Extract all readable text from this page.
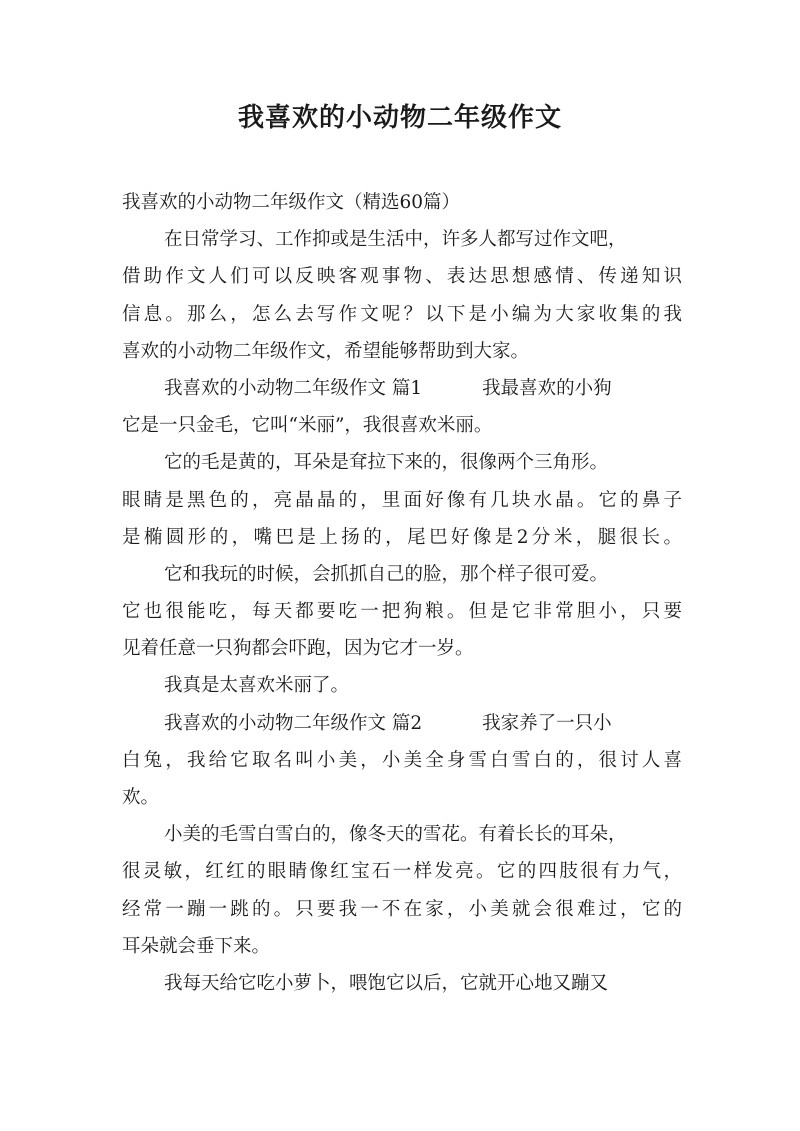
我喜欢的小动物二年级作文
我喜欢的小动物二年级作文（精选60篇）
在日常学习、工作抑或是生活中，许多人都写过作文吧，
借助作文人们可以反映客观事物、表达思想感情、传递知识
信息。那么，怎么去写作文呢？以下是小编为大家收集的我
喜欢的小动物二年级作文，希望能够帮助到大家。
我喜欢的小动物二年级作文 篇1	我最喜欢的小狗
它是一只金毛，它叫“米丽”，我很喜欢米丽。
它的毛是黄的，耳朵是耷拉下来的，很像两个三角形。
眼睛是黑色的，亮晶晶的，里面好像有几块水晶。它的鼻子
是椭圆形的，嘴巴是上扬的，尾巴好像是2分米，腿很长。
它和我玩的时候，会抓抓自己的脸，那个样子很可爱。
它也很能吃，每天都要吃一把狗粮。但是它非常胆小，只要
见着任意一只狗都会吓跑，因为它才一岁。
我真是太喜欢米丽了。
我喜欢的小动物二年级作文 篇2	我家养了一只小
白兔，我给它取名叫小美，小美全身雪白雪白的，很讨人喜
欢。
小美的毛雪白雪白的，像冬天的雪花。有着长长的耳朵，
很灵敏，红红的眼睛像红宝石一样发亮。它的四肢很有力气，
经常一蹦一跳的。只要我一不在家，小美就会很难过，它的
耳朵就会垂下来。
我每天给它吃小萝卜，喂饱它以后，它就开心地又蹦又
